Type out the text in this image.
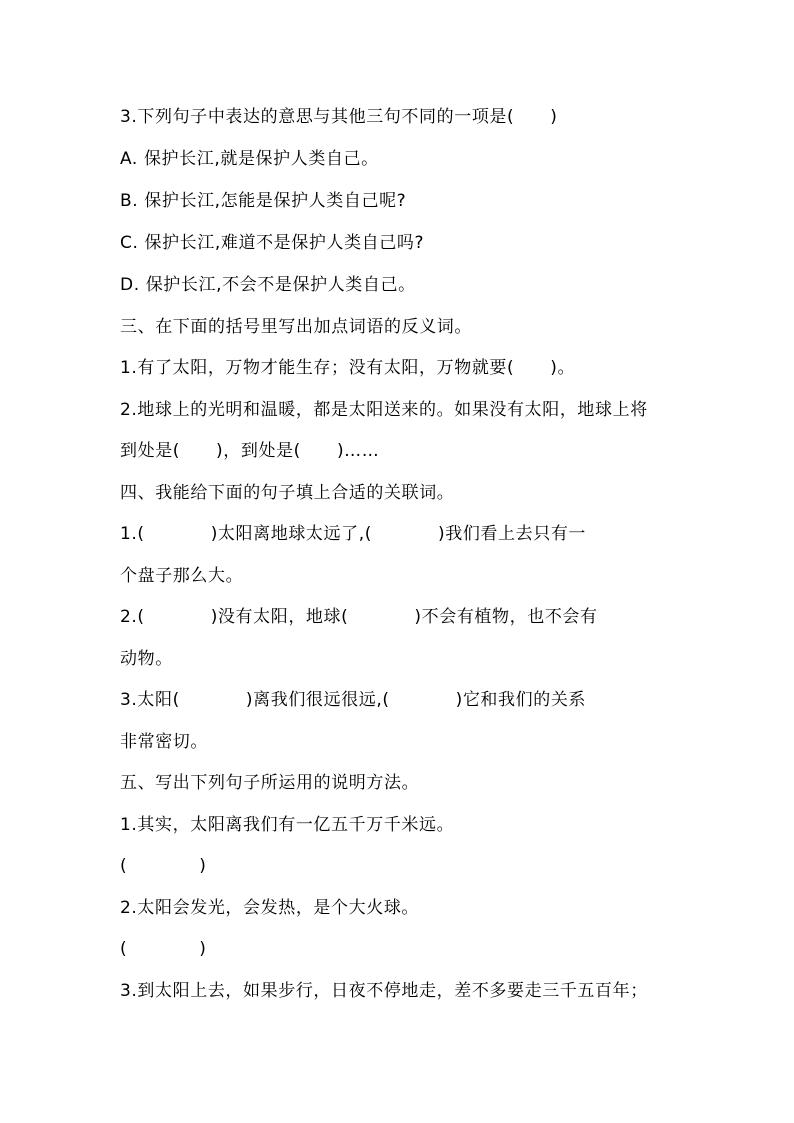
3.下列句子中表达的意思与其他三句不同的一项是(      )
A. 保护长江,就是保护人类自己。
B. 保护长江,怎能是保护人类自己呢?
C. 保护长江,难道不是保护人类自己吗?
D. 保护长江,不会不是保护人类自己。
三、在下面的括号里写出加点词语的反义词。
1.有了太阳，万物才能生存；没有太阳，万物就要(      )。
2.地球上的光明和温暖，都是太阳送来的。如果没有太阳，地球上将
到处是(      )，到处是(      )……
四、我能给下面的句子填上合适的关联词。
1.(           )太阳离地球太远了,(           )我们看上去只有一
个盘子那么大。
2.(           )没有太阳，地球(           )不会有植物，也不会有
动物。
3.太阳(           )离我们很远很远,(           )它和我们的关系
非常密切。
五、写出下列句子所运用的说明方法。
1.其实，太阳离我们有一亿五千万千米远。
(            )
2.太阳会发光，会发热，是个大火球。
(            )
3.到太阳上去，如果步行，日夜不停地走，差不多要走三千五百年；
